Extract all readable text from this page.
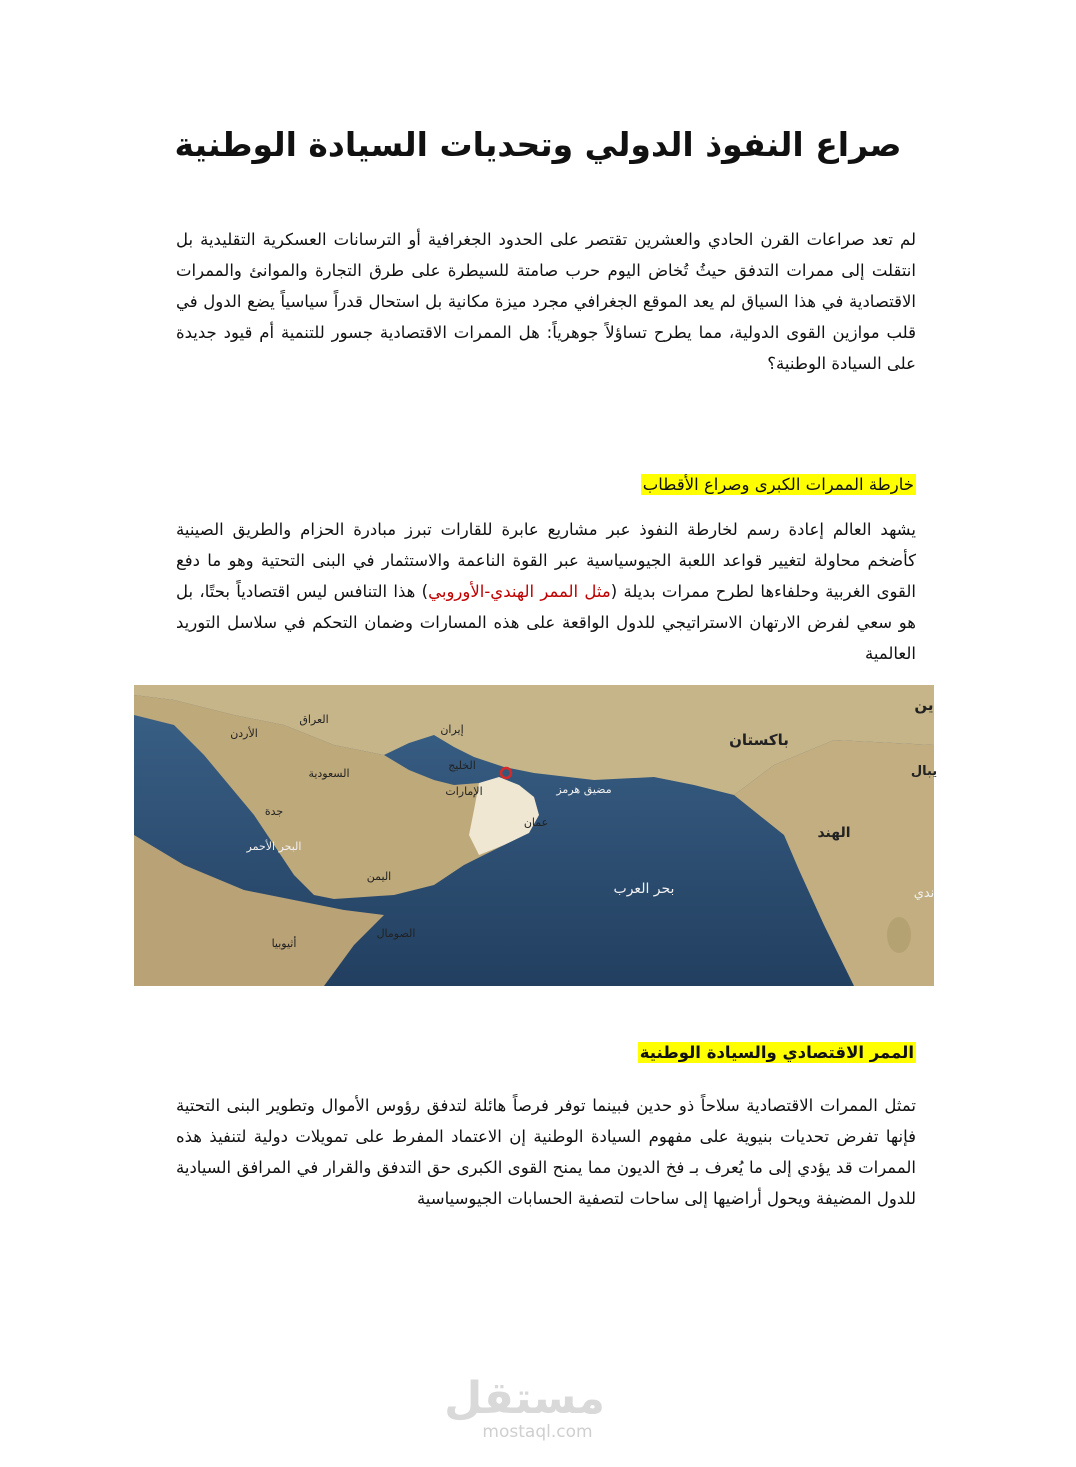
صراع النفوذ الدولي وتحديات السيادة الوطنية

لم تعد صراعات القرن الحادي والعشرين تقتصر على الحدود الجغرافية أو الترسانات العسكرية التقليدية بل انتقلت إلى ممرات التدفق حيثُ تُخاض اليوم حرب صامتة للسيطرة على طرق التجارة والموانئ والممرات الاقتصادية في هذا السياق لم يعد الموقع الجغرافي مجرد ميزة مكانية بل استحال قدراً سياسياً يضع الدول في قلب موازين القوى الدولية، مما يطرح تساؤلاً جوهرياً: هل الممرات الاقتصادية جسور للتنمية أم قيود جديدة على السيادة الوطنية؟

خارطة الممرات الكبرى وصراع الأقطاب

يشهد العالم إعادة رسم لخارطة النفوذ عبر مشاريع عابرة للقارات تبرز مبادرة الحزام والطريق الصينية كأضخم محاولة لتغيير قواعد اللعبة الجيوسياسية عبر القوة الناعمة والاستثمار في البنى التحتية وهو ما دفع القوى الغربية وحلفاءها لطرح ممرات بديلة (مثل الممر الهندي-الأوروبي) هذا التنافس ليس اقتصادياً بحتًا، بل هو سعي لفرض الارتهان الاستراتيجي للدول الواقعة على هذه المسارات وضمان التحكم في سلاسل التوريد العالمية

إيران
باكستان
العراق
الأردن
السعودية
الخليج
الإمارات
عمان
مضيق هرمز
جدة
البحر الأحمر
اليمن
بحر العرب
الهند
الصومال
أثيوبيا
ين
يبال
ندي
الممر الاقتصادي والسيادة الوطنية

تمثل الممرات الاقتصادية سلاحاً ذو حدين فبينما توفر فرصاً هائلة لتدفق رؤوس الأموال وتطوير البنى التحتية فإنها تفرض تحديات بنيوية على مفهوم السيادة الوطنية إن الاعتماد المفرط على تمويلات دولية لتنفيذ هذه الممرات قد يؤدي إلى ما يُعرف بـ فخ الديون مما يمنح القوى الكبرى حق التدفق والقرار في المرافق السيادية للدول المضيفة ويحول أراضيها إلى ساحات لتصفية الحسابات الجيوسياسية

مستقل
mostaql.com
